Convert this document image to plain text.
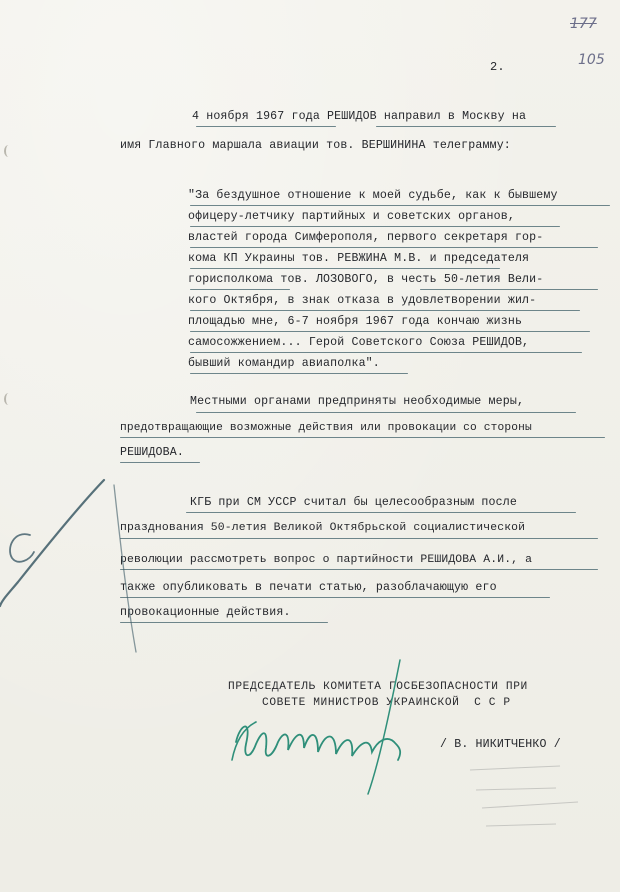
177
105
2.
4 ноября 1967 года РЕШИДОВ направил в Москву на
имя Главного маршала авиации тов. ВЕРШИНИНА телеграмму:
"За бездушное отношение к моей судьбе, как к бывшему
офицеру-летчику партийных и советских органов,
властей города Симферополя, первого секретаря гор-
кома КП Украины тов. РЕВЖИНА М.В. и председателя
горисполкома тов. ЛОЗОВОГО, в честь 50-летия Вели-
кого Октября, в знак отказа в удовлетворении жил-
площадью мне, 6-7 ноября 1967 года кончаю жизнь
самосожжением... Герой Советского Союза РЕШИДОВ,
бывший командир авиаполка".
Местными органами предприняты необходимые меры,
предотвращающие возможные действия или провокации со стороны
РЕШИДОВА.
КГБ при СМ УССР считал бы целесообразным после
празднования 50-летия Великой Октябрьской социалистической
революции рассмотреть вопрос о партийности РЕШИДОВА А.И., а
также опубликовать в печати статью, разоблачающую его
провокационные действия.
ПРЕДСЕДАТЕЛЬ КОМИТЕТА ГОСБЕЗОПАСНОСТИ ПРИ
СОВЕТЕ МИНИСТРОВ УКРАИНСКОЙ  С С Р
/ В. НИКИТЧЕНКО /
